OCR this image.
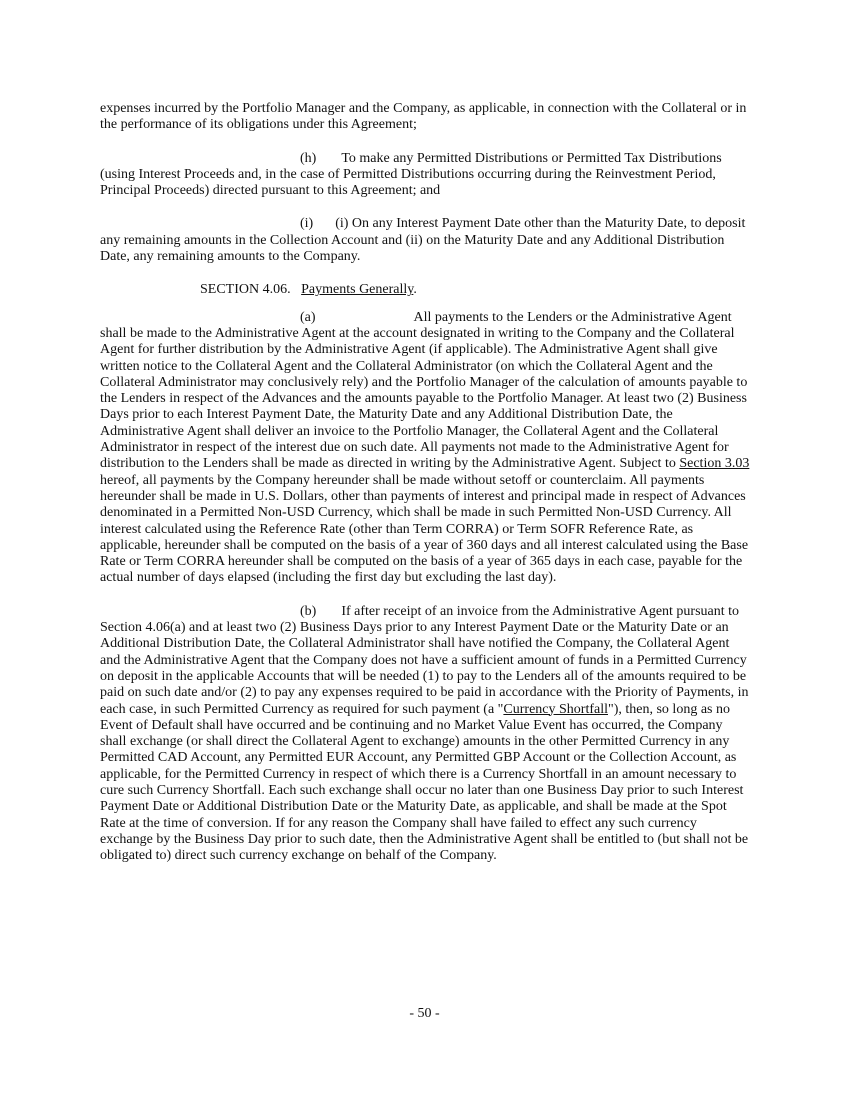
expenses incurred by the Portfolio Manager and the Company, as applicable, in connection with the Collateral or in the performance of its obligations under this Agreement;

(h) To make any Permitted Distributions or Permitted Tax Distributions (using Interest Proceeds and, in the case of Permitted Distributions occurring during the Reinvestment Period, Principal Proceeds) directed pursuant to this Agreement; and

(i) (i) On any Interest Payment Date other than the Maturity Date, to deposit any remaining amounts in the Collection Account and (ii) on the Maturity Date and any Additional Distribution Date, any remaining amounts to the Company.

SECTION 4.06. Payments Generally.

(a)	All payments to the Lenders or the Administrative Agent shall be made to the Administrative Agent at the account designated in writing to the Company and the Collateral Agent for further distribution by the Administrative Agent (if applicable). The Administrative Agent shall give written notice to the Collateral Agent and the Collateral Administrator (on which the Collateral Agent and the Collateral Administrator may conclusively rely) and the Portfolio Manager of the calculation of amounts payable to the Lenders in respect of the Advances and the amounts payable to the Portfolio Manager. At least two (2) Business Days prior to each Interest Payment Date, the Maturity Date and any Additional Distribution Date, the Administrative Agent shall deliver an invoice to the Portfolio Manager, the Collateral Agent and the Collateral Administrator in respect of the interest due on such date. All payments not made to the Administrative Agent for distribution to the Lenders shall be made as directed in writing by the Administrative Agent. Subject to Section 3.03 hereof, all payments by the Company hereunder shall be made without setoff or counterclaim. All payments hereunder shall be made in U.S. Dollars, other than payments of interest and principal made in respect of Advances denominated in a Permitted Non-USD Currency, which shall be made in such Permitted Non-USD Currency. All interest calculated using the Reference Rate (other than Term CORRA) or Term SOFR Reference Rate, as applicable, hereunder shall be computed on the basis of a year of 360 days and all interest calculated using the Base Rate or Term CORRA hereunder shall be computed on the basis of a year of 365 days in each case, payable for the actual number of days elapsed (including the first day but excluding the last day).

(b) If after receipt of an invoice from the Administrative Agent pursuant to Section 4.06(a) and at least two (2) Business Days prior to any Interest Payment Date or the Maturity Date or an Additional Distribution Date, the Collateral Administrator shall have notified the Company, the Collateral Agent and the Administrative Agent that the Company does not have a sufficient amount of funds in a Permitted Currency on deposit in the applicable Accounts that will be needed (1) to pay to the Lenders all of the amounts required to be paid on such date and/or (2) to pay any expenses required to be paid in accordance with the Priority of Payments, in each case, in such Permitted Currency as required for such payment (a "Currency Shortfall"), then, so long as no Event of Default shall have occurred and be continuing and no Market Value Event has occurred, the Company shall exchange (or shall direct the Collateral Agent to exchange) amounts in the other Permitted Currency in any Permitted CAD Account, any Permitted EUR Account, any Permitted GBP Account or the Collection Account, as applicable, for the Permitted Currency in respect of which there is a Currency Shortfall in an amount necessary to cure such Currency Shortfall. Each such exchange shall occur no later than one Business Day prior to such Interest Payment Date or Additional Distribution Date or the Maturity Date, as applicable, and shall be made at the Spot Rate at the time of conversion. If for any reason the Company shall have failed to effect any such currency exchange by the Business Day prior to such date, then the Administrative Agent shall be entitled to (but shall not be obligated to) direct such currency exchange on behalf of the Company.

- 50 -
